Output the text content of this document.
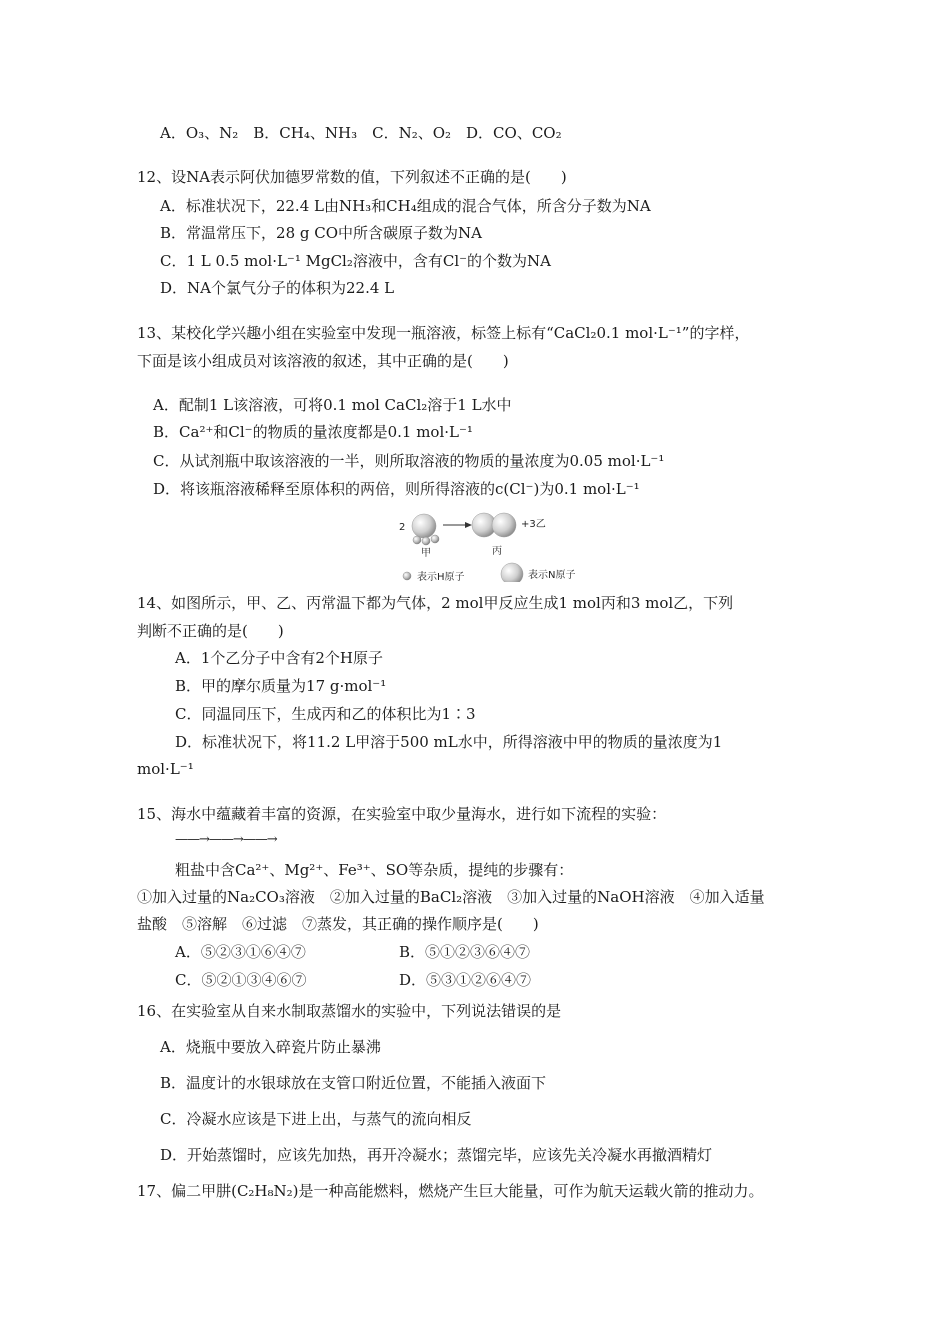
A．O₃、N₂　B．CH₄、NH₃　C．N₂、O₂　D．CO、CO₂
12、设NA表示阿伏加德罗常数的值，下列叙述不正确的是(　　)
A．标准状况下，22.4 L由NH₃和CH₄组成的混合气体，所含分子数为NA
B．常温常压下，28 g CO中所含碳原子数为NA
C．1 L 0.5 mol·L⁻¹ MgCl₂溶液中，含有Cl⁻的个数为NA
D．NA个氯气分子的体积为22.4 L
13、某校化学兴趣小组在实验室中发现一瓶溶液，标签上标有“CaCl₂0.1 mol·L⁻¹”的字样，
下面是该小组成员对该溶液的叙述，其中正确的是(　　)
A．配制1 L该溶液，可将0.1 mol CaCl₂溶于1 L水中
B．Ca²⁺和Cl⁻的物质的量浓度都是0.1 mol·L⁻¹
C．从试剂瓶中取该溶液的一半，则所取溶液的物质的量浓度为0.05 mol·L⁻¹
D．将该瓶溶液稀释至原体积的两倍，则所得溶液的c(Cl⁻)为0.1 mol·L⁻¹
2
甲	丙
+3乙
表示H原子	表示N原子
14、如图所示，甲、乙、丙常温下都为气体，2 mol甲反应生成1 mol丙和3 mol乙，下列
判断不正确的是(　　)
A．1个乙分子中含有2个H原子
B．甲的摩尔质量为17 g·mol⁻¹
C．同温同压下，生成丙和乙的体积比为1∶3
D．标准状况下，将11.2 L甲溶于500 mL水中，所得溶液中甲的物质的量浓度为1
mol·L⁻¹
15、海水中蕴藏着丰富的资源，在实验室中取少量海水，进行如下流程的实验：
——→——→——→
粗盐中含Ca²⁺、Mg²⁺、Fe³⁺、SO等杂质，提纯的步骤有：
①加入过量的Na₂CO₃溶液　②加入过量的BaCl₂溶液　③加入过量的NaOH溶液　④加入适量
盐酸　⑤溶解　⑥过滤　⑦蒸发，其正确的操作顺序是(　　)
A．⑤②③①⑥④⑦	B．⑤①②③⑥④⑦
C．⑤②①③④⑥⑦	D．⑤③①②⑥④⑦
16、在实验室从自来水制取蒸馏水的实验中，下列说法错误的是
A．烧瓶中要放入碎瓷片防止暴沸
B．温度计的水银球放在支管口附近位置，不能插入液面下
C．冷凝水应该是下进上出，与蒸气的流向相反
D．开始蒸馏时，应该先加热，再开冷凝水；蒸馏完毕，应该先关冷凝水再撤酒精灯
17、偏二甲肼(C₂H₈N₂)是一种高能燃料，燃烧产生巨大能量，可作为航天运载火箭的推动力。
